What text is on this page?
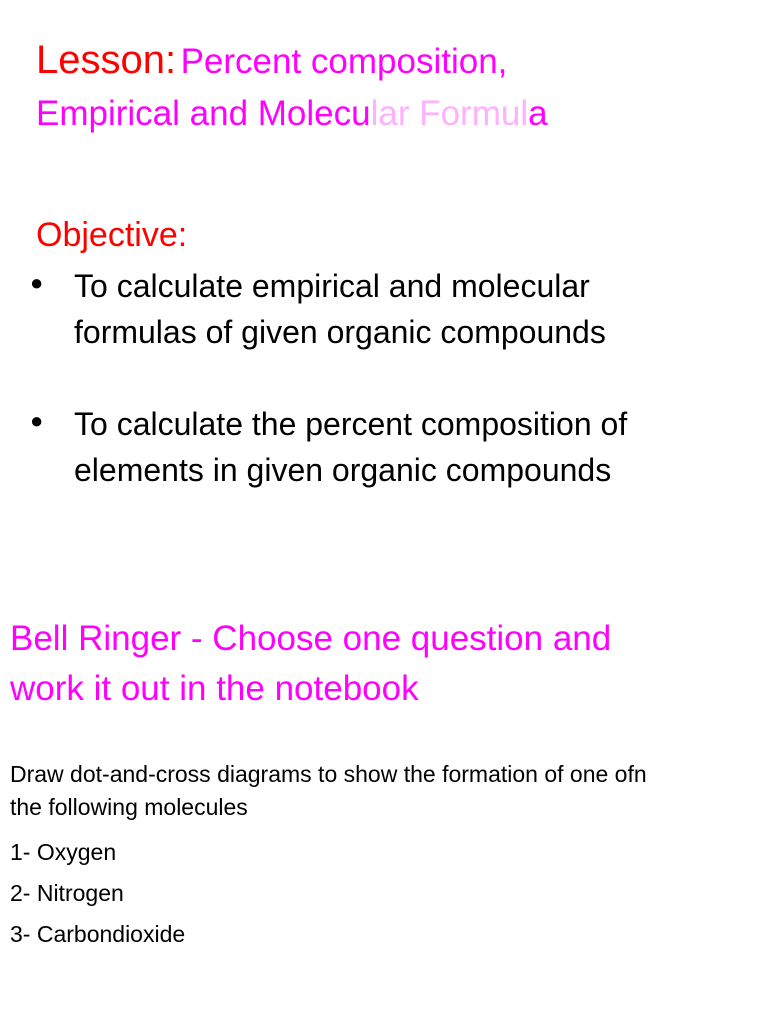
Lesson: Percent composition,
Empirical and Molecular Formula
Objective:
● To calculate empirical and molecular
formulas of given organic compounds
● To calculate the percent composition of
elements in given organic compounds
Bell Ringer - Choose one question and
work it out in the notebook
Draw dot-and-cross diagrams to show the formation of one ofn
the following molecules
1- Oxygen
2- Nitrogen
3- Carbondioxide
